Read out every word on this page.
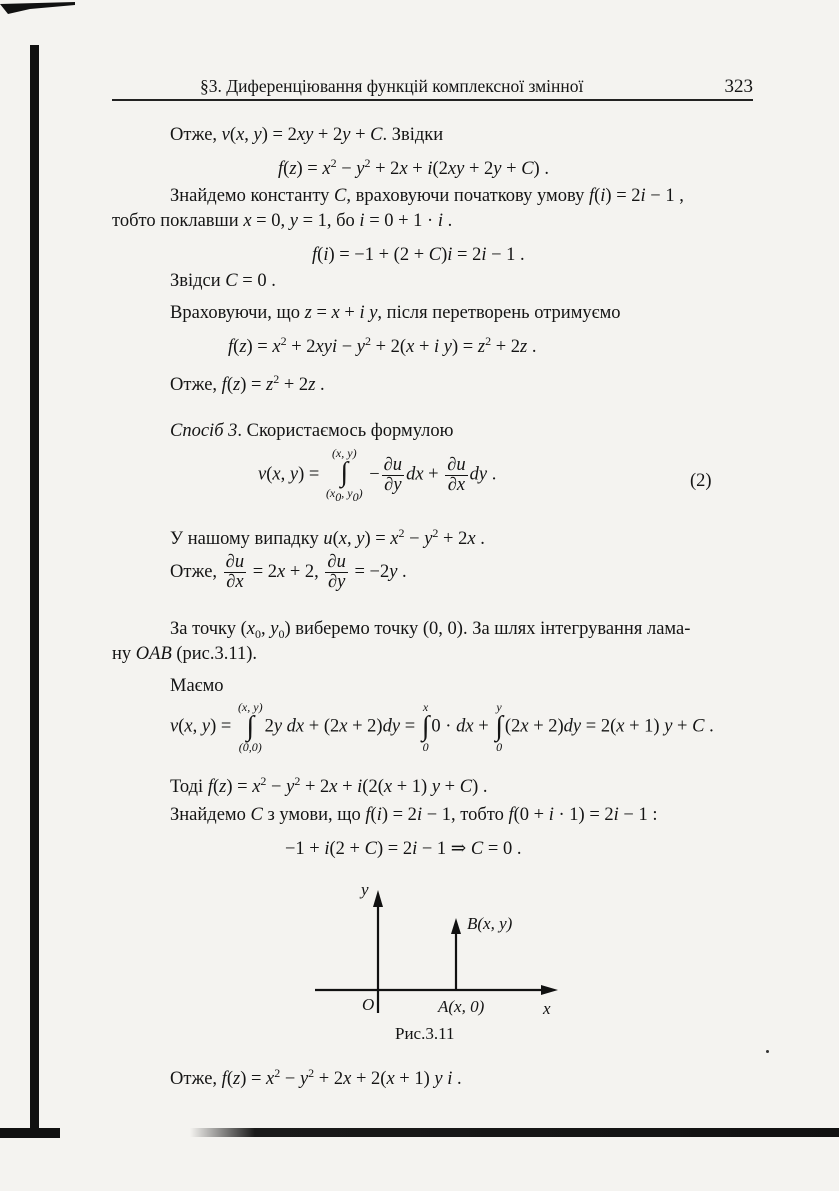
§3. Диференціювання функцій комплексної змінної	323
Отже, v(x, y) = 2xy + 2y + C. Звідки
$f(z) = x^2 - y^2 + 2x + i(2xy + 2y + C)$ .
Знайдемо константу C, враховуючи початкову умову f(i) = 2i − 1 ,
тобто поклавши x = 0, y = 1, бо i = 0 + 1 · i .
f(i) = −1 + (2 + C)i = 2i − 1 .
Звідси C = 0 .
Враховуючи, що z = x + i y, після перетворень отримуємо
$f(z) = x^2 + 2xyi - y^2 + 2(x + i$ $y) = z^2 + 2z$ .
Отже, $f(z) = z^2 + 2z$ .
Спосіб 3. Скористаємось формулою
v(x, y) =
(x, y)
∫
(x0, y0)
− $\frac{\partial u}{\partial y}$ dx + $\frac{\partial u}{\partial x}$ dy .	(2)
У нашому випадку u(x, $y) = x^2 - y^2 + 2x$ .
Отже, $\frac{\partial u}{\partial x} = 2x + 2$, $\frac{\partial u}{\partial y} = -2y$ .
За точку ($x_0$, $y_0$) виберемо точку (0, 0). За шлях інтегрування лама-
ну OAB (рис.3.11).
Маємо
v(x, y) =
(x, y)
∫
(0,0)
2y dx + (2x + 2)dy =
x
∫
0
0 · dx +
y
∫
0
(2x + 2)dy = 2(x + 1) y + C .
Тоді $f(z) = x^2 - y^2 + 2x + i(2(x + 1) y + C)$ .
Знайдемо C з умови, що f(i) = 2i − 1, тобто f(0 + i · 1) = 2i − 1 :
−1 + i(2 + C) = 2i − 1 ⇒ C = 0 .
y
B(x, y)
O	A(x, 0)	x
Рис.3.11
Отже, $f(z) = x^2 - y^2 + 2x + 2(x + 1)$ y i .
